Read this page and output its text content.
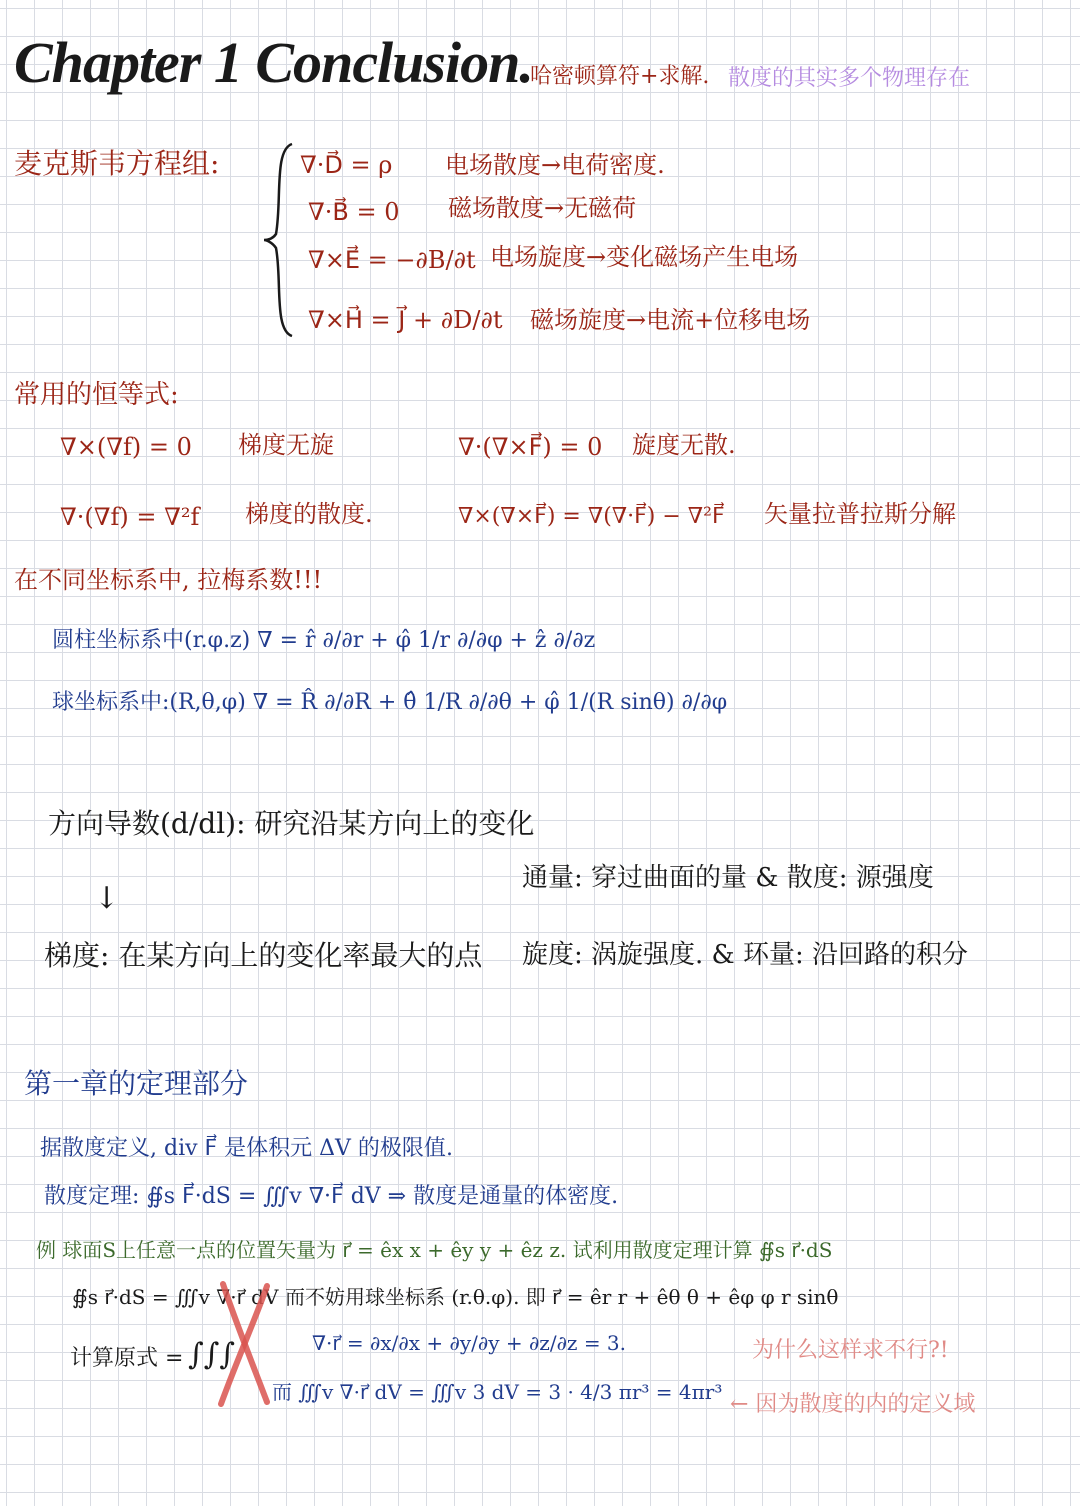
Chapter 1 Conclusion.
哈密顿算符+求解. 散度的其实多个物理存在
麦克斯韦方程组:	∇·D⃗ = ρ 电场散度→电荷密度.
∇·B⃗ = 0 磁场散度→无磁荷
∇×E⃗ = −∂B/∂t 电场旋度→变化磁场产生电场
∇×H⃗ = J⃗ + ∂D/∂t 磁场旋度→电流+位移电场
常用的恒等式:
∇×(∇f) = 0 梯度无旋	∇·(∇×F⃗) = 0 旋度无散.
∇·(∇f) = ∇²f 梯度的散度.	∇×(∇×F⃗) = ∇(∇·F⃗) − ∇²F⃗ 矢量拉普拉斯分解
在不同坐标系中, 拉梅系数!!!
圆柱坐标系中(r.φ.z) ∇ = r̂ ∂/∂r + φ̂ 1/r ∂/∂φ + ẑ ∂/∂z
球坐标系中:(R,θ,φ) ∇ = R̂ ∂/∂R + θ̂ 1/R ∂/∂θ + φ̂ 1/(R sinθ) ∂/∂φ
方向导数(d/dl): 研究沿某方向上的变化
↓
梯度: 在某方向上的变化率最大的点
通量: 穿过曲面的量 & 散度: 源强度
旋度: 涡旋强度. & 环量: 沿回路的积分
第一章的定理部分
据散度定义, div F⃗ 是体积元 ΔV 的极限值.
散度定理: ∯s F⃗·dS = ∭v ∇·F⃗ dV ⇒ 散度是通量的体密度.
例 球面S上任意一点的位置矢量为 r⃗ = êx x + êy y + êz z. 试利用散度定理计算 ∯s r⃗·dS
∯s r⃗·dS = ∭v ∇·r⃗ dV 而不妨用球坐标系 (r.θ.φ). 即 r⃗ = êr r + êθ θ + êφ φ r sinθ
计算原式 = ∫∫∫	∇·r⃗ = ∂x/∂x + ∂y/∂y + ∂z/∂z = 3.
而 ∭v ∇·r⃗ dV = ∭v 3 dV = 3 · 4/3 πr³ = 4πr³
为什么这样求不行?!
← 因为散度的内的定义域
